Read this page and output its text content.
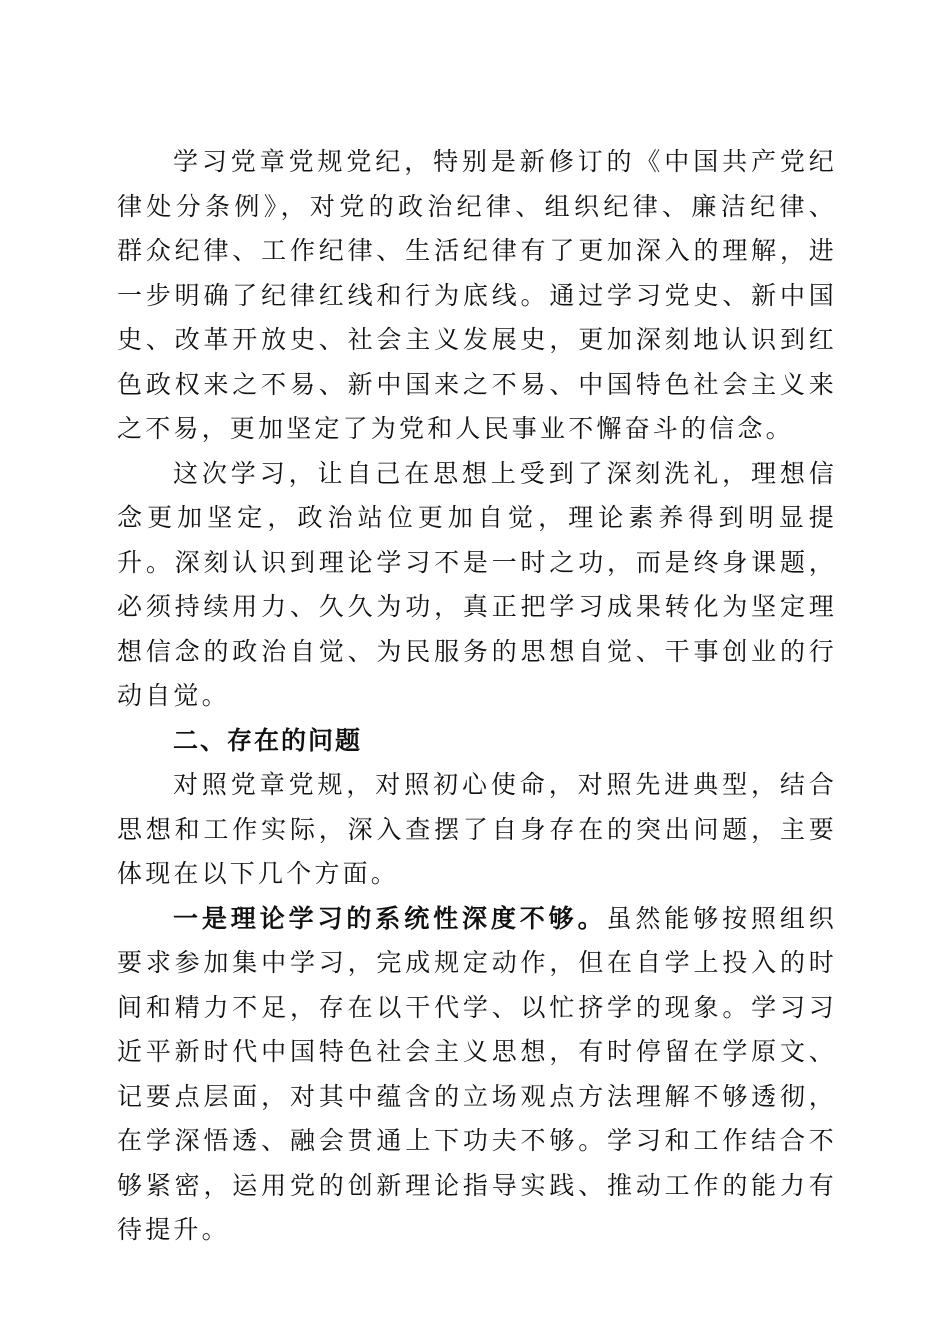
学习党章党规党纪，特别是新修订的《中国共产党纪律处分条例》，对党的政治纪律、组织纪律、廉洁纪律、群众纪律、工作纪律、生活纪律有了更加深入的理解，进一步明确了纪律红线和行为底线。通过学习党史、新中国史、改革开放史、社会主义发展史，更加深刻地认识到红色政权来之不易、新中国来之不易、中国特色社会主义来之不易，更加坚定了为党和人民事业不懈奋斗的信念。

这次学习，让自己在思想上受到了深刻洗礼，理想信念更加坚定，政治站位更加自觉，理论素养得到明显提升。深刻认识到理论学习不是一时之功，而是终身课题，必须持续用力、久久为功，真正把学习成果转化为坚定理想信念的政治自觉、为民服务的思想自觉、干事创业的行动自觉。

二、存在的问题

对照党章党规，对照初心使命，对照先进典型，结合思想和工作实际，深入查摆了自身存在的突出问题，主要体现在以下几个方面。

一是理论学习的系统性深度不够。虽然能够按照组织要求参加集中学习，完成规定动作，但在自学上投入的时间和精力不足，存在以干代学、以忙挤学的现象。学习习近平新时代中国特色社会主义思想，有时停留在学原文、记要点层面，对其中蕴含的立场观点方法理解不够透彻，在学深悟透、融会贯通上下功夫不够。学习和工作结合不够紧密，运用党的创新理论指导实践、推动工作的能力有待提升。
